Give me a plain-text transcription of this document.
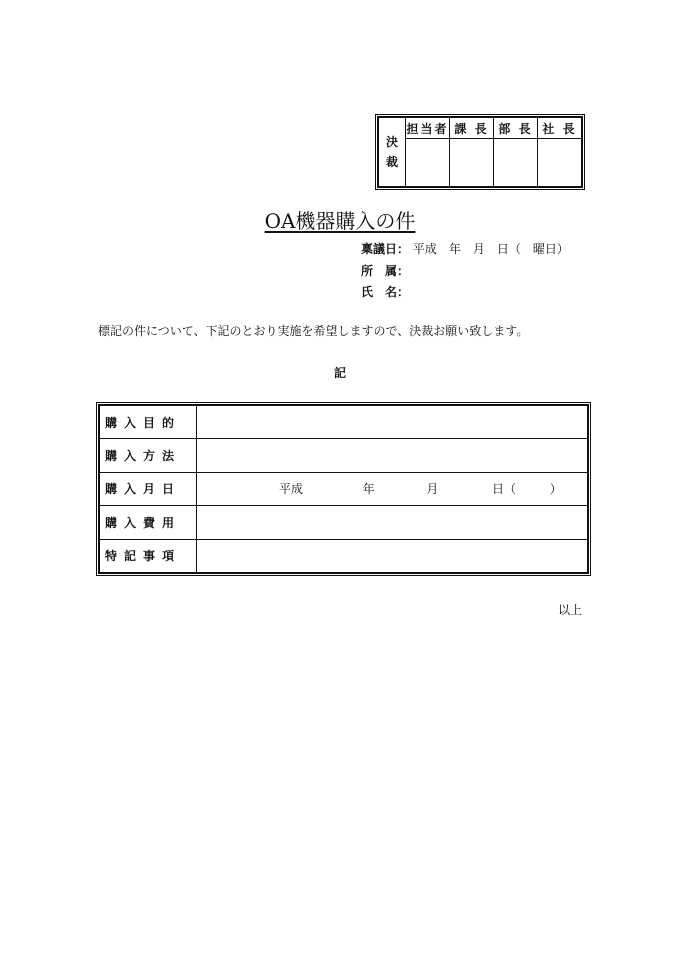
決
裁	担当者	課 長	部 長	社 長

OA機器購入の件
稟議日： 平成　年　月　日（　曜日）
所　属：
氏　名：
標記の件について、下記のとおり実施を希望しますので、決裁お願い致します。
記
購入目的	
購入方法	
購入月日	平成 年 月 日（ ）
購入費用	
特記事項	
以上
